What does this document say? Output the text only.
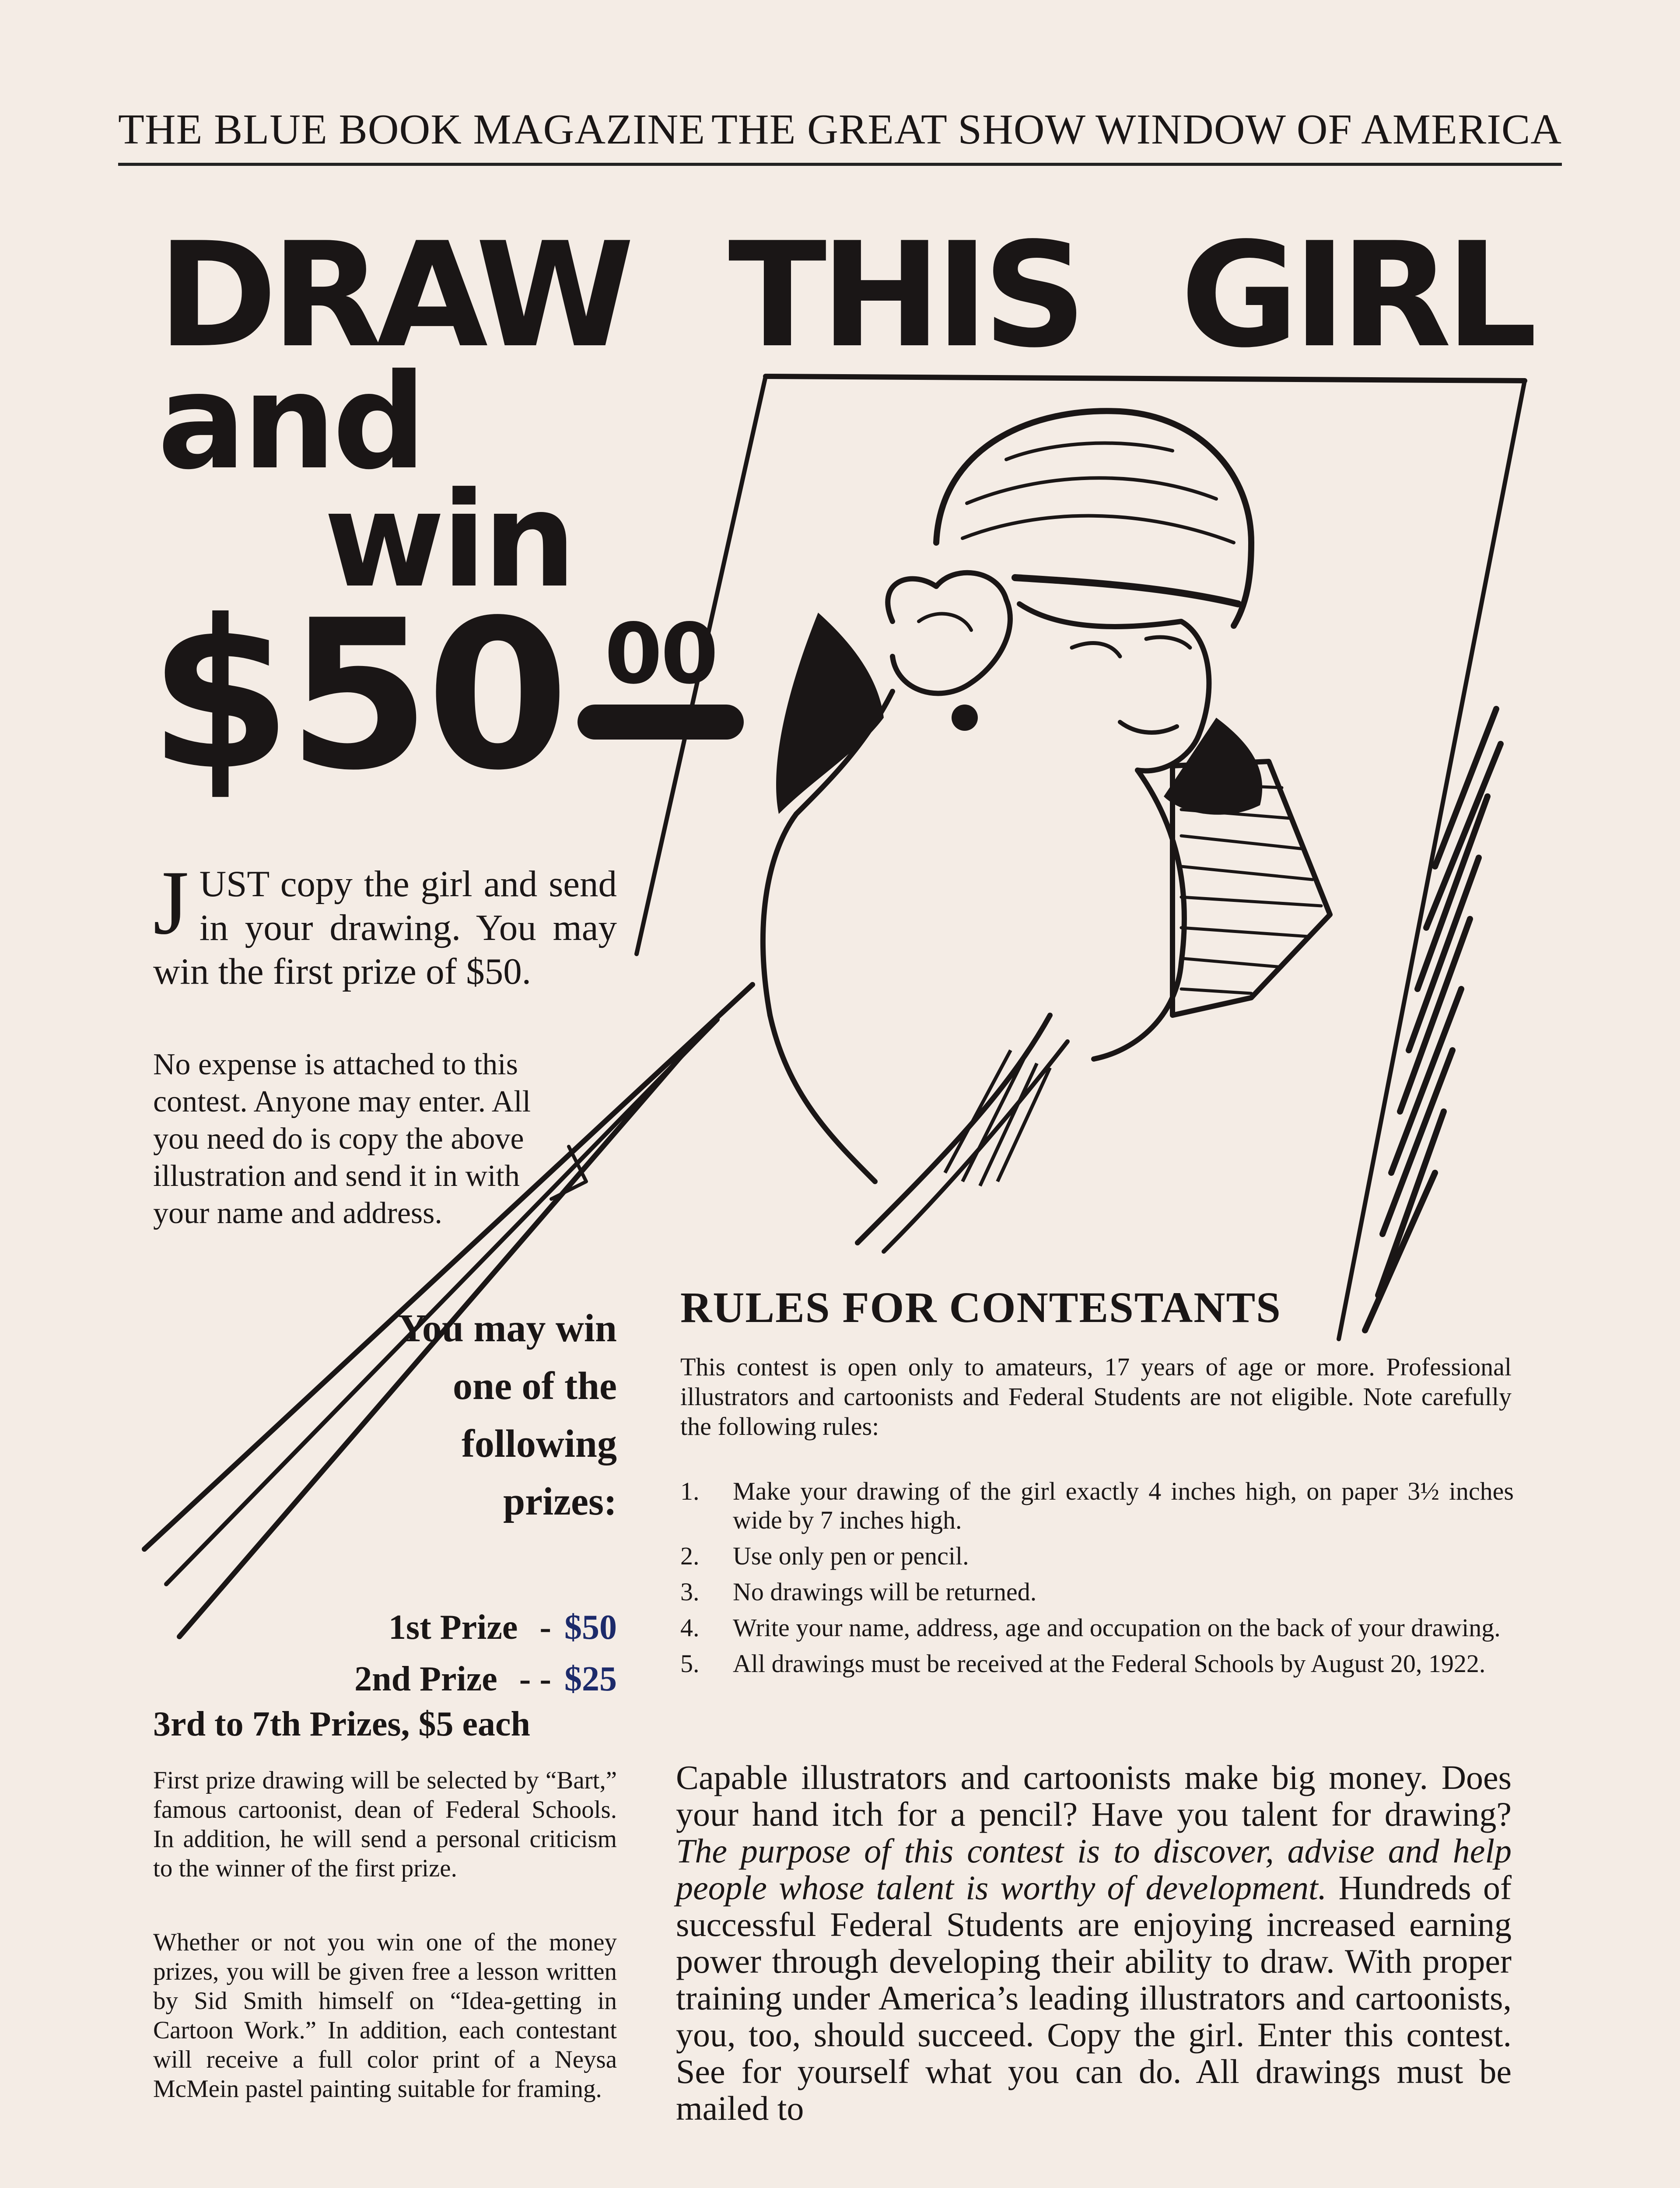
THE BLUE BOOK MAGAZINE THE GREAT SHOW WINDOW OF AMERICA
DRAW THIS GIRL
and
win
$50 00

J UST copy the girl and send in your drawing. You may win the first prize of $50.

No expense is attached to this contest. Anyone may enter. All you need do is copy the above illustration and send it in with your name and address.

You may win one of the following prizes:

1st Prize - $50
2nd Prize - - $25
3rd to 7th Prizes, $5 each

First prize drawing will be selected by “Bart,” famous cartoonist, dean of Federal Schools. In addition, he will send a personal criticism to the winner of the first prize.

Whether or not you win one of the money prizes, you will be given free a lesson written by Sid Smith himself on “Idea-getting in Cartoon Work.” In addition, each contestant will receive a full color print of a Neysa McMein pastel painting suitable for framing.

RULES FOR CONTESTANTS

This contest is open only to amateurs, 17 years of age or more. Professional illustrators and cartoonists and Federal Students are not eligible. Note carefully the following rules:

1.	Make your drawing of the girl exactly 4 inches high, on paper 3½ inches wide by 7 inches high.
2.	Use only pen or pencil.
3.	No drawings will be returned.
4.	Write your name, address, age and occupation on the back of your drawing.
5.	All drawings must be received at the Federal Schools by August 20, 1922.

Capable illustrators and cartoonists make big money. Does your hand itch for a pencil? Have you talent for drawing? The purpose of this contest is to discover, advise and help people whose talent is worthy of development. Hundreds of successful Federal Students are enjoying increased earning power through developing their ability to draw. With proper training under America’s leading illustrators and cartoonists, you, too, should succeed. Copy the girl. Enter this contest. See for yourself what you can do. All drawings must be mailed to
